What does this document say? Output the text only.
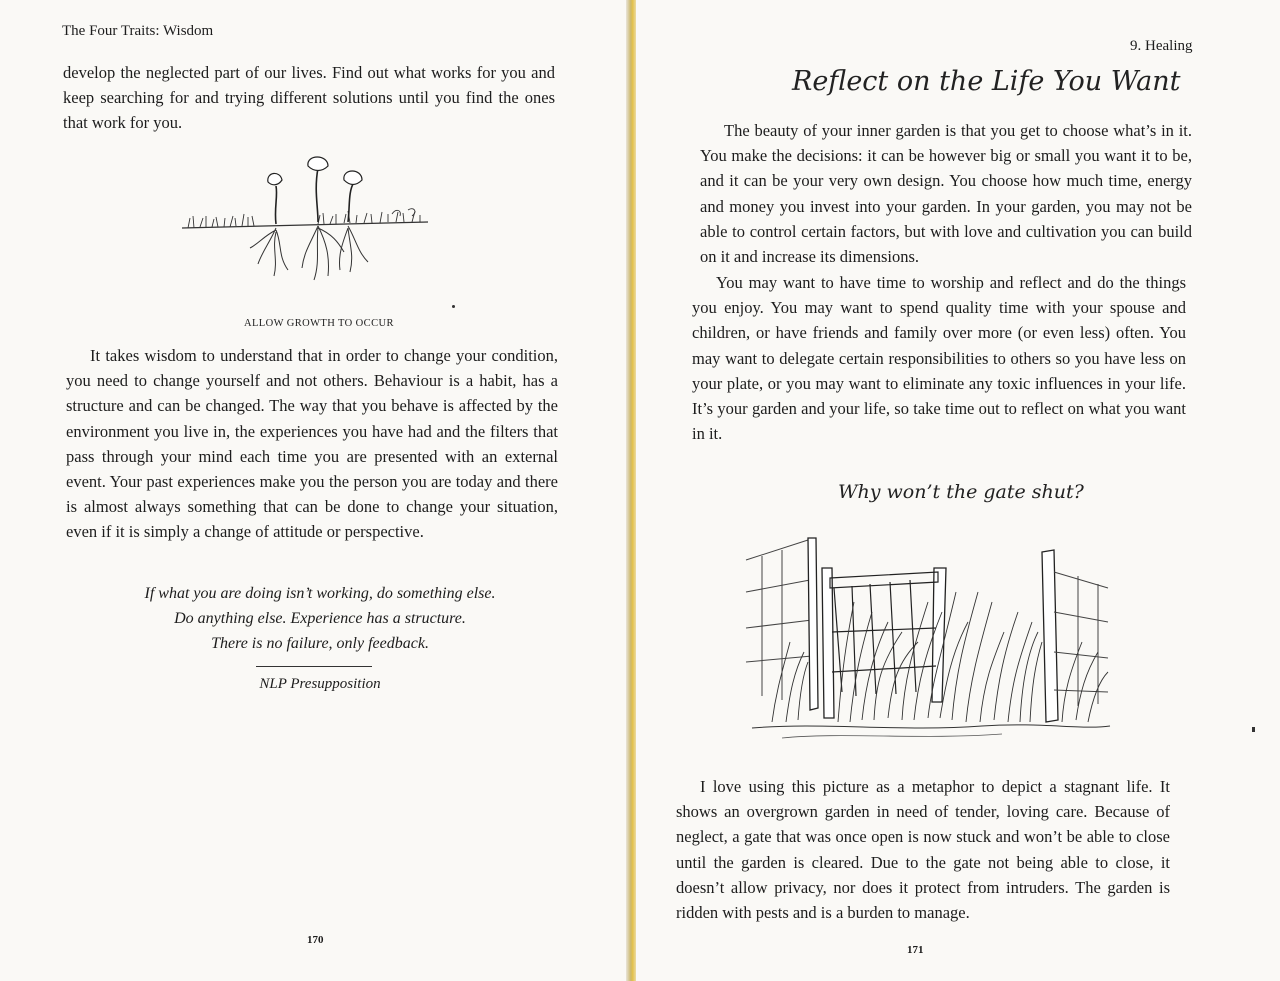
The Four Traits: Wisdom

develop the neglected part of our lives. Find out what works for you and keep searching for and trying different solutions until you find the ones that work for you.

ALLOW GROWTH TO OCCUR

It takes wisdom to understand that in order to change your condition, you need to change yourself and not others. Behaviour is a habit, has a structure and can be changed. The way that you behave is affected by the environment you live in, the experiences you have had and the filters that pass through your mind each time you are presented with an external event. Your past experiences make you the person you are today and there is almost always something that can be done to change your situation, even if it is simply a change of attitude or perspective.

If what you are doing isn’t working, do something else.
Do anything else. Experience has a structure.
There is no failure, only feedback.
NLP Presupposition
170
9. Healing
Reflect on the Life You Want

The beauty of your inner garden is that you get to choose what’s in it. You make the decisions: it can be however big or small you want it to be, and it can be your very own design. You choose how much time, energy and money you invest into your garden. In your garden, you may not be able to control certain factors, but with love and cultivation you can build on it and increase its dimensions.

You may want to have time to worship and reflect and do the things you enjoy. You may want to spend quality time with your spouse and children, or have friends and family over more (or even less) often. You may want to delegate certain responsibilities to others so you have less on your plate, or you may want to eliminate any toxic influences in your life. It’s your garden and your life, so take time out to reflect on what you want in it.

Why won’t the gate shut?

I love using this picture as a metaphor to depict a stagnant life. It shows an overgrown garden in need of tender, loving care. Because of neglect, a gate that was once open is now stuck and won’t be able to close until the garden is cleared. Due to the gate not being able to close, it doesn’t allow privacy, nor does it protect from intruders. The garden is ridden with pests and is a burden to manage.

171
